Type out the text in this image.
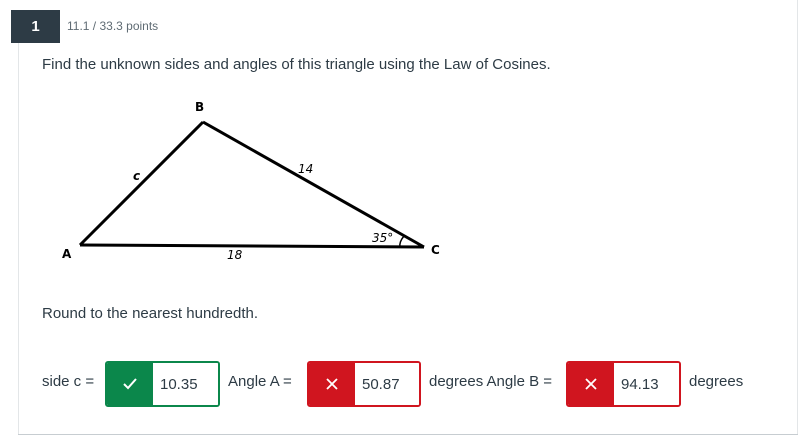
1	11.1 / 33.3 points
Find the unknown sides and angles of this triangle using the Law of Cosines.
A
B
C
c	14
18
35°
Round to the nearest hundredth.
side c =	10.35	Angle A =	50.87	degrees Angle B =	94.13	degrees
